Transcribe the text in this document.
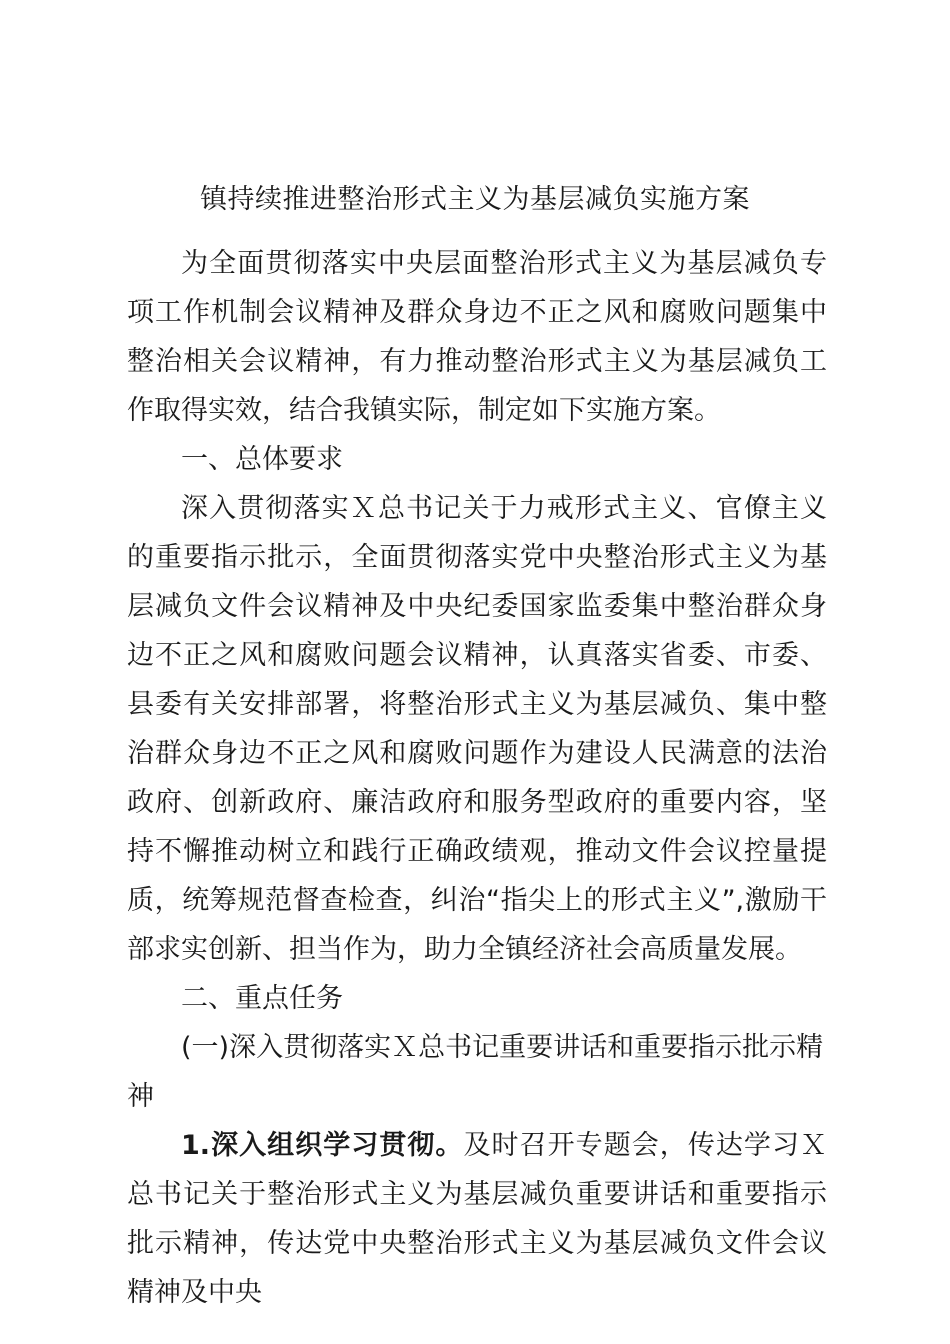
镇持续推进整治形式主义为基层减负实施方案

为全面贯彻落实中央层面整治形式主义为基层减负专项工作机制会议精神及群众身边不正之风和腐败问题集中整治相关会议精神，有力推动整治形式主义为基层减负工作取得实效，结合我镇实际，制定如下实施方案。

一、总体要求

深入贯彻落实Ｘ总书记关于力戒形式主义、官僚主义的重要指示批示，全面贯彻落实党中央整治形式主义为基层减负文件会议精神及中央纪委国家监委集中整治群众身边不正之风和腐败问题会议精神，认真落实省委、市委、县委有关安排部署，将整治形式主义为基层减负、集中整治群众身边不正之风和腐败问题作为建设人民满意的法治政府、创新政府、廉洁政府和服务型政府的重要内容，坚持不懈推动树立和践行正确政绩观，推动文件会议控量提质，统筹规范督查检查，纠治“指尖上的形式主义”,激励干部求实创新、担当作为，助力全镇经济社会高质量发展。

二、重点任务

(一)深入贯彻落实Ｘ总书记重要讲话和重要指示批示精神

1.深入组织学习贯彻。及时召开专题会，传达学习Ｘ总书记关于整治形式主义为基层减负重要讲话和重要指示批示精神，传达党中央整治形式主义为基层减负文件会议精神及中央
